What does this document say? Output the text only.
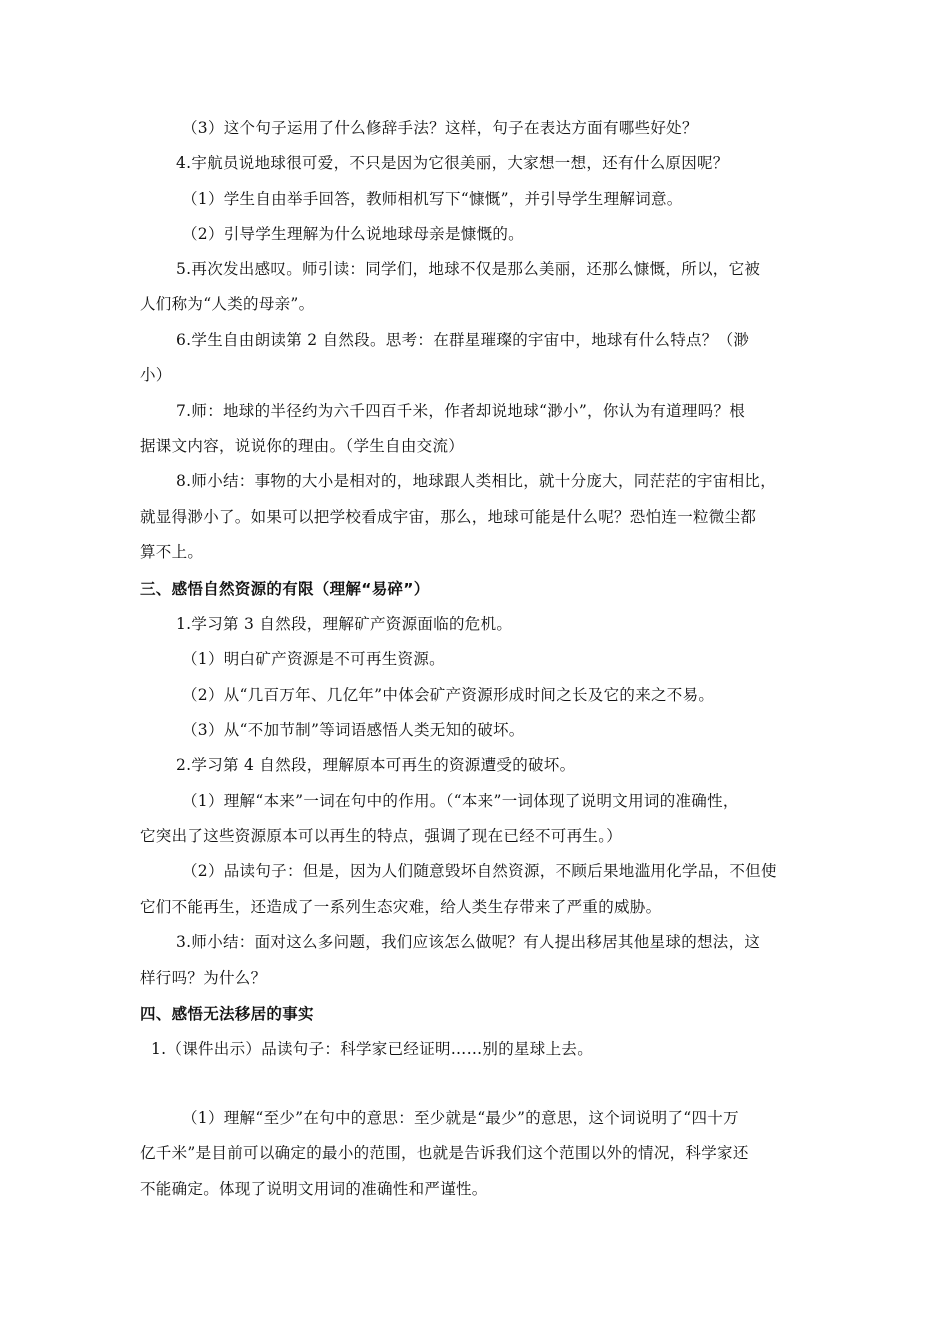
（3）这个句子运用了什么修辞手法？这样，句子在表达方面有哪些好处？
4.宇航员说地球很可爱，不只是因为它很美丽，大家想一想，还有什么原因呢？
（1）学生自由举手回答，教师相机写下“慷慨”，并引导学生理解词意。
（2）引导学生理解为什么说地球母亲是慷慨的。
5.再次发出感叹。师引读：同学们，地球不仅是那么美丽，还那么慷慨，所以，它被
人们称为“人类的母亲”。
6.学生自由朗读第 2 自然段。思考：在群星璀璨的宇宙中，地球有什么特点？（渺
小）
7.师：地球的半径约为六千四百千米，作者却说地球“渺小”，你认为有道理吗？根
据课文内容，说说你的理由。（学生自由交流）
8.师小结：事物的大小是相对的，地球跟人类相比，就十分庞大，同茫茫的宇宙相比，
就显得渺小了。如果可以把学校看成宇宙，那么，地球可能是什么呢？恐怕连一粒微尘都
算不上。
三、感悟自然资源的有限（理解“易碎”）
1.学习第 3 自然段，理解矿产资源面临的危机。
（1）明白矿产资源是不可再生资源。
（2）从“几百万年、几亿年”中体会矿产资源形成时间之长及它的来之不易。
（3）从“不加节制”等词语感悟人类无知的破坏。
2.学习第 4 自然段，理解原本可再生的资源遭受的破坏。
（1）理解“本来”一词在句中的作用。（“本来”一词体现了说明文用词的准确性，
它突出了这些资源原本可以再生的特点，强调了现在已经不可再生。）
（2）品读句子：但是，因为人们随意毁坏自然资源，不顾后果地滥用化学品，不但使
它们不能再生，还造成了一系列生态灾难，给人类生存带来了严重的威胁。
3.师小结：面对这么多问题，我们应该怎么做呢？有人提出移居其他星球的想法，这
样行吗？为什么？
四、感悟无法移居的事实
1.（课件出示）品读句子：科学家已经证明……别的星球上去。
（1）理解“至少”在句中的意思：至少就是“最少”的意思，这个词说明了“四十万
亿千米”是目前可以确定的最小的范围，也就是告诉我们这个范围以外的情况，科学家还
不能确定。体现了说明文用词的准确性和严谨性。
